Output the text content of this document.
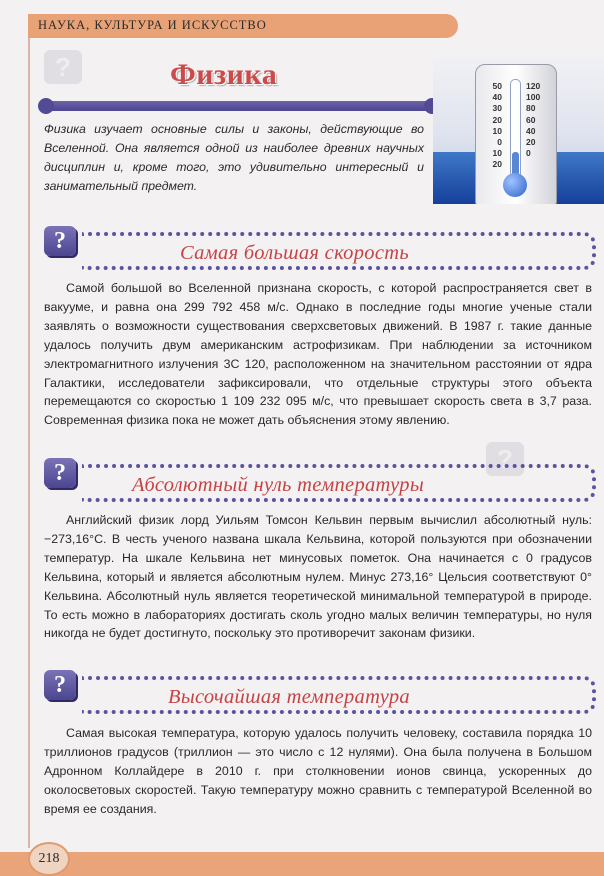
НАУКА, КУЛЬТУРА И ИСКУССТВО
?
?
Физика
Физика изучает основные силы и законы, действующие во Вселенной. Она является одной из наиболее древних научных дисциплин и, кроме того, это удивительно интересный и занимательный предмет.
50
40
30
20
10
0
10
20
120
100
80
60
40
20
0
?	Самая большая скорость
Самой большой во Вселенной признана скорость, с которой распространяется свет в вакууме, и равна она 299 792 458 м/с. Однако в последние годы многие ученые стали заявлять о возможности существования сверхсветовых движений. В 1987 г. такие данные удалось получить двум американским астрофизикам. При наблюдении за источником электромагнитного излучения 3С 120, расположенном на значительном расстоянии от ядра Галактики, исследователи зафиксировали, что отдельные структуры этого объекта перемещаются со скоростью 1 109 232 095 м/с, что превышает скорость света в 3,7 раза. Современная физика пока не может дать объяснения этому явлению.
?	Абсолютный нуль температуры
Английский физик лорд Уильям Томсон Кельвин первым вычислил абсолютный нуль: −273,16°С. В честь ученого названа шкала Кельвина, которой пользуются при обозначении температур. На шкале Кельвина нет минусовых пометок. Она начинается с 0 градусов Кельвина, который и является абсолютным нулем. Минус 273,16° Цельсия соответствуют 0° Кельвина. Абсолютный нуль является теоретической минимальной температурой в природе. То есть можно в лабораториях достигать сколь угодно малых величин температуры, но нуля никогда не будет достигнуто, поскольку это противоречит законам физики.
?	Высочайшая температура
Самая высокая температура, которую удалось получить человеку, составила порядка 10 триллионов градусов (триллион — это число с 12 нулями). Она была получена в Большом Адронном Коллайдере в 2010 г. при столкновении ионов свинца, ускоренных до околосветовых скоростей. Такую температуру можно сравнить с температурой Вселенной во время ее создания.
218
